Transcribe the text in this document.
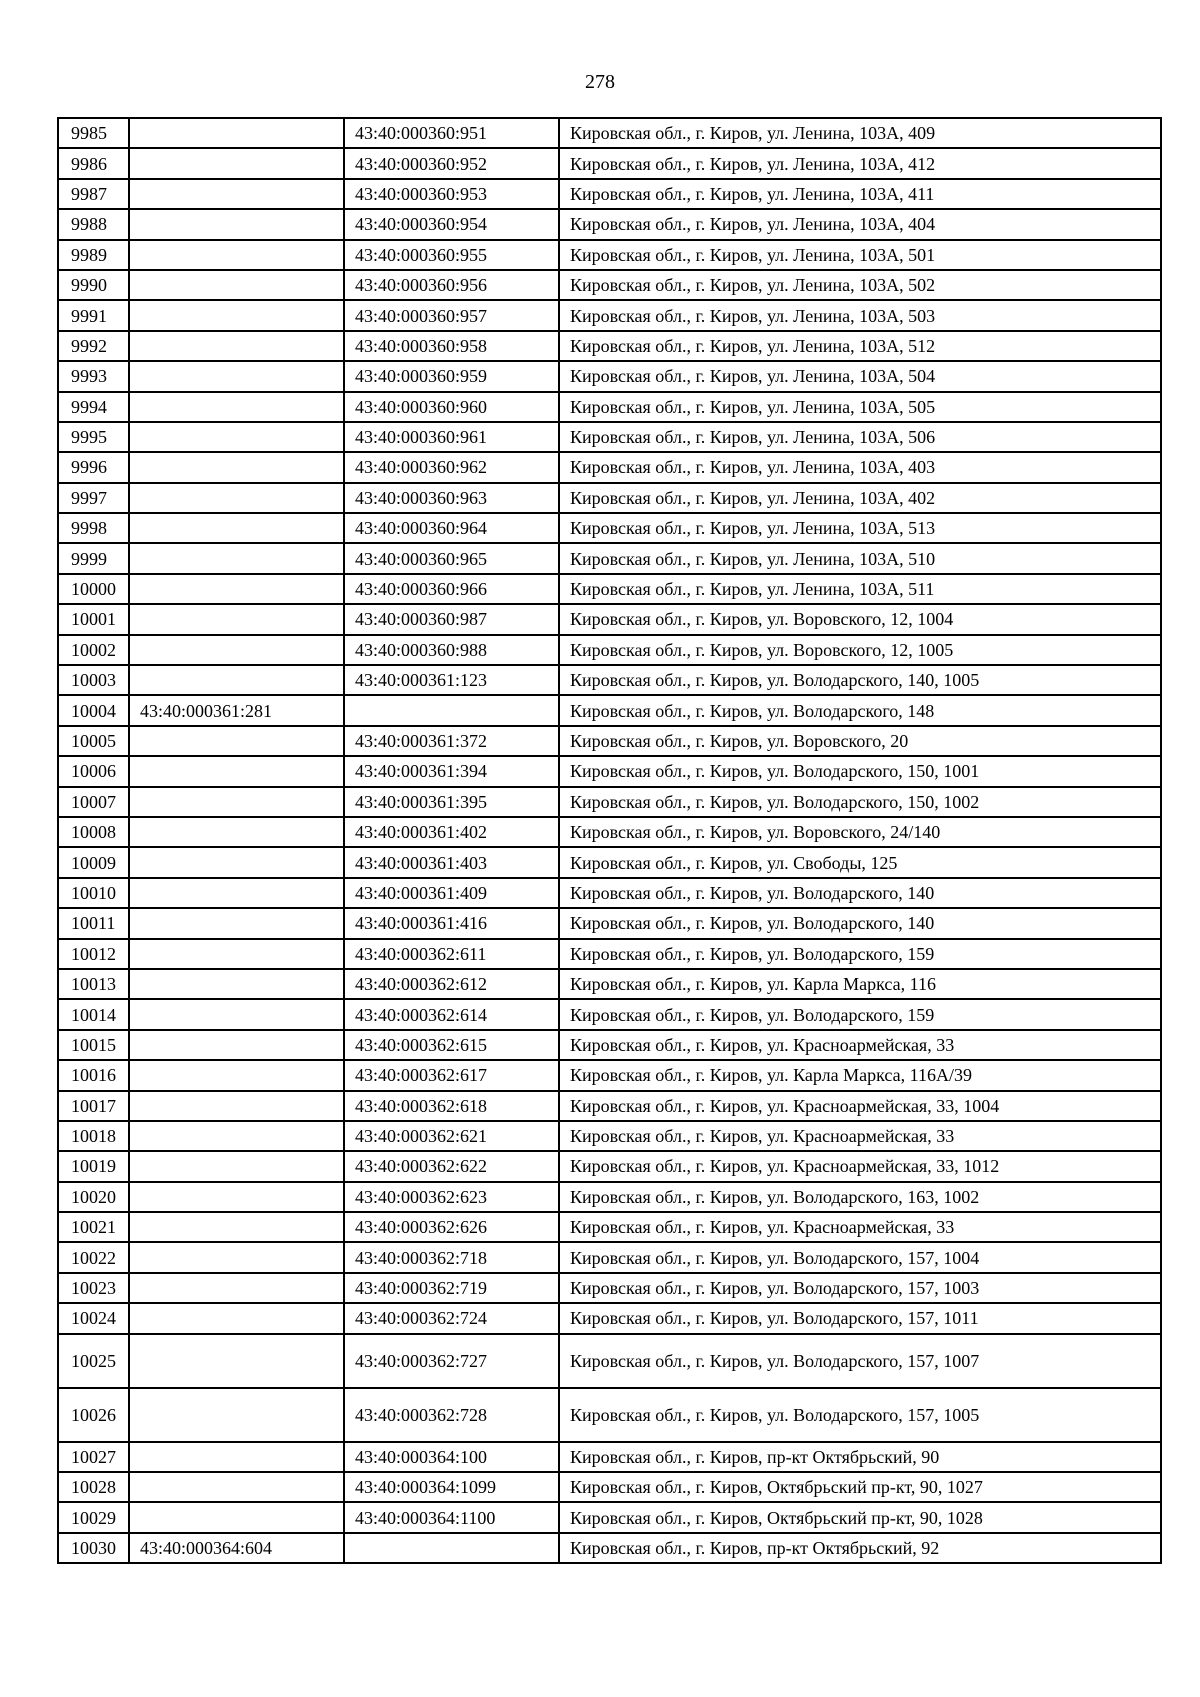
278
9985		43:40:000360:951	Кировская обл., г. Киров, ул. Ленина, 103А, 409
9986		43:40:000360:952	Кировская обл., г. Киров, ул. Ленина, 103А, 412
9987		43:40:000360:953	Кировская обл., г. Киров, ул. Ленина, 103А, 411
9988		43:40:000360:954	Кировская обл., г. Киров, ул. Ленина, 103А, 404
9989		43:40:000360:955	Кировская обл., г. Киров, ул. Ленина, 103А, 501
9990		43:40:000360:956	Кировская обл., г. Киров, ул. Ленина, 103А, 502
9991		43:40:000360:957	Кировская обл., г. Киров, ул. Ленина, 103А, 503
9992		43:40:000360:958	Кировская обл., г. Киров, ул. Ленина, 103А, 512
9993		43:40:000360:959	Кировская обл., г. Киров, ул. Ленина, 103А, 504
9994		43:40:000360:960	Кировская обл., г. Киров, ул. Ленина, 103А, 505
9995		43:40:000360:961	Кировская обл., г. Киров, ул. Ленина, 103А, 506
9996		43:40:000360:962	Кировская обл., г. Киров, ул. Ленина, 103А, 403
9997		43:40:000360:963	Кировская обл., г. Киров, ул. Ленина, 103А, 402
9998		43:40:000360:964	Кировская обл., г. Киров, ул. Ленина, 103А, 513
9999		43:40:000360:965	Кировская обл., г. Киров, ул. Ленина, 103А, 510
10000		43:40:000360:966	Кировская обл., г. Киров, ул. Ленина, 103А, 511
10001		43:40:000360:987	Кировская обл., г. Киров, ул. Воровского, 12, 1004
10002		43:40:000360:988	Кировская обл., г. Киров, ул. Воровского, 12, 1005
10003		43:40:000361:123	Кировская обл., г. Киров, ул. Володарского, 140, 1005
10004	43:40:000361:281		Кировская обл., г. Киров, ул. Володарского, 148
10005		43:40:000361:372	Кировская обл., г. Киров, ул. Воровского, 20
10006		43:40:000361:394	Кировская обл., г. Киров, ул. Володарского, 150, 1001
10007		43:40:000361:395	Кировская обл., г. Киров, ул. Володарского, 150, 1002
10008		43:40:000361:402	Кировская обл., г. Киров, ул. Воровского, 24/140
10009		43:40:000361:403	Кировская обл., г. Киров, ул. Свободы, 125
10010		43:40:000361:409	Кировская обл., г. Киров, ул. Володарского, 140
10011		43:40:000361:416	Кировская обл., г. Киров, ул. Володарского, 140
10012		43:40:000362:611	Кировская обл., г. Киров, ул. Володарского, 159
10013		43:40:000362:612	Кировская обл., г. Киров, ул. Карла Маркса, 116
10014		43:40:000362:614	Кировская обл., г. Киров, ул. Володарского, 159
10015		43:40:000362:615	Кировская обл., г. Киров, ул. Красноармейская, 33
10016		43:40:000362:617	Кировская обл., г. Киров, ул. Карла Маркса, 116А/39
10017		43:40:000362:618	Кировская обл., г. Киров, ул. Красноармейская, 33, 1004
10018		43:40:000362:621	Кировская обл., г. Киров, ул. Красноармейская, 33
10019		43:40:000362:622	Кировская обл., г. Киров, ул. Красноармейская, 33, 1012
10020		43:40:000362:623	Кировская обл., г. Киров, ул. Володарского, 163, 1002
10021		43:40:000362:626	Кировская обл., г. Киров, ул. Красноармейская, 33
10022		43:40:000362:718	Кировская обл., г. Киров, ул. Володарского, 157, 1004
10023		43:40:000362:719	Кировская обл., г. Киров, ул. Володарского, 157, 1003
10024		43:40:000362:724	Кировская обл., г. Киров, ул. Володарского, 157, 1011
10025		43:40:000362:727	Кировская обл., г. Киров, ул. Володарского, 157, 1007
10026		43:40:000362:728	Кировская обл., г. Киров, ул. Володарского, 157, 1005
10027		43:40:000364:100	Кировская обл., г. Киров, пр-кт Октябрьский, 90
10028		43:40:000364:1099	Кировская обл., г. Киров, Октябрьский пр-кт, 90, 1027
10029		43:40:000364:1100	Кировская обл., г. Киров, Октябрьский пр-кт, 90, 1028
10030	43:40:000364:604		Кировская обл., г. Киров, пр-кт Октябрьский, 92
